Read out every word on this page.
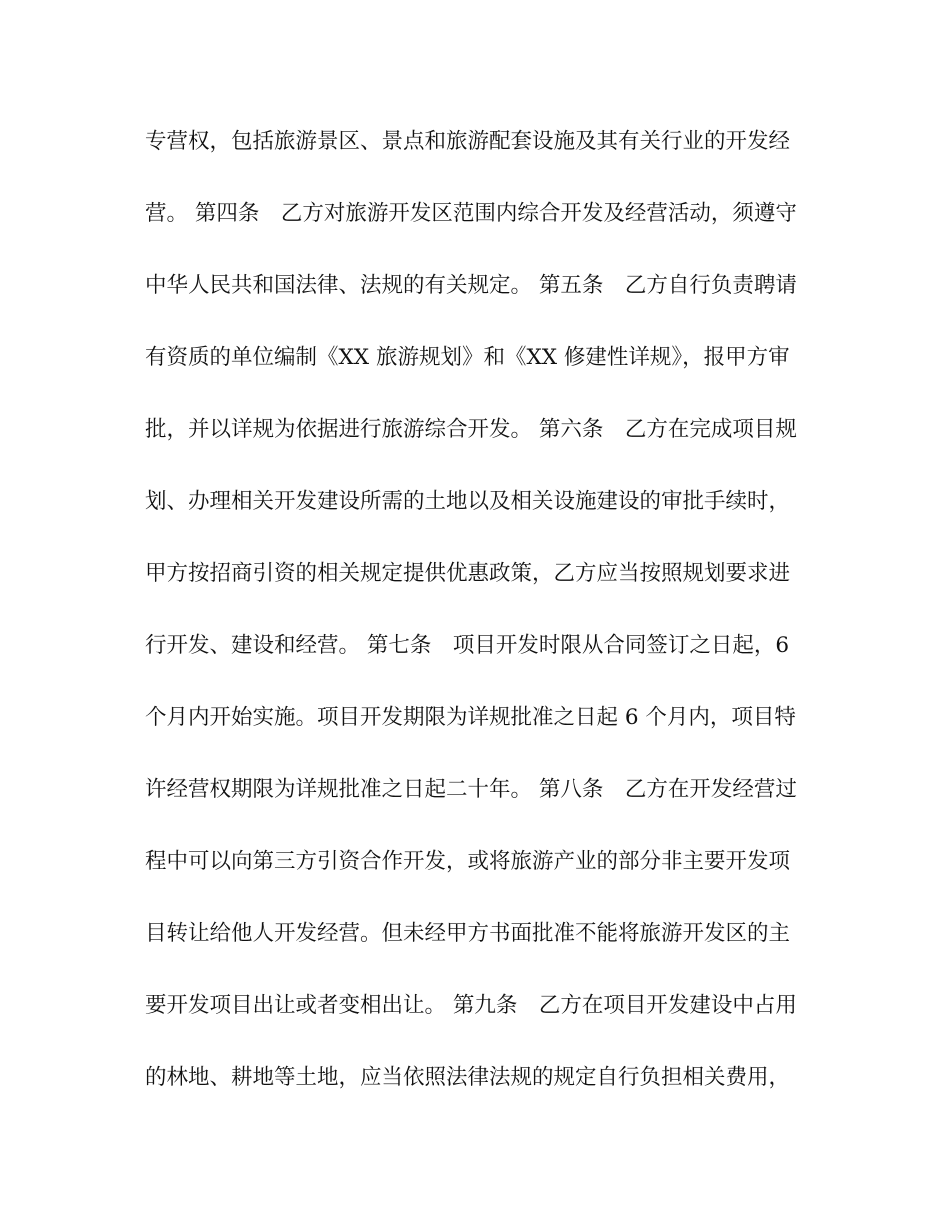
专营权，包括旅游景区、景点和旅游配套设施及其有关行业的开发经
营。 第四条　乙方对旅游开发区范围内综合开发及经营活动，须遵守
中华人民共和国法律、法规的有关规定。 第五条　乙方自行负责聘请
有资质的单位编制《XX 旅游规划》和《XX 修建性详规》，报甲方审
批，并以详规为依据进行旅游综合开发。 第六条　乙方在完成项目规
划、办理相关开发建设所需的土地以及相关设施建设的审批手续时，
甲方按招商引资的相关规定提供优惠政策，乙方应当按照规划要求进
行开发、建设和经营。 第七条　项目开发时限从合同签订之日起，6
个月内开始实施。项目开发期限为详规批准之日起 6 个月内，项目特
许经营权期限为详规批准之日起二十年。 第八条　乙方在开发经营过
程中可以向第三方引资合作开发，或将旅游产业的部分非主要开发项
目转让给他人开发经营。但未经甲方书面批准不能将旅游开发区的主
要开发项目出让或者变相出让。 第九条　乙方在项目开发建设中占用
的林地、耕地等土地，应当依照法律法规的规定自行负担相关费用，
